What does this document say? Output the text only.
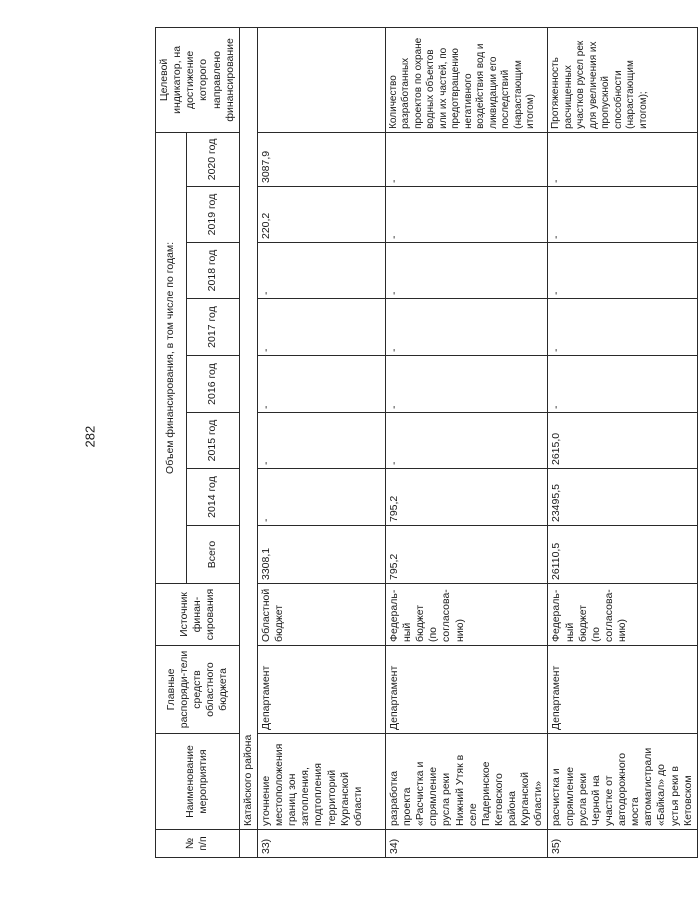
282
№ п/п	Наименование мероприятия	Главные распоряди-тели средств областного бюджета	Источник финан-сирования	Объем финансирования, в том числе по годам:								Целевой индикатор, на достижение которого направлено финансирование
				Всего	2014 год	2015 год	2016 год	2017 год	2018 год	2019 год	2020 год	
	Катайского района											
33)	уточнение местоположения границ зон затопления, подтопления территорий Курганской области	Департамент	Областной бюджет	3308,1	-	-	-	-	-	220,2	3087,9	
34)	разработка проекта «Расчистка и спрямление русла реки Нижний Утяк в селе Падеринское Кетовского района Курганской области»	Департамент	Федераль-ный бюджет (по согласова-нию)	795,2	795,2	-	-	-	-	-	-	Количество разработанных проектов по охране водных объектов или их частей, по предотвращению негативного воздействия вод и ликвидации его последствий (нарастающим итогом)
35)	расчистка и спрямление русла реки Черной на участке от автодорожного моста автомагистрали «Байкал» до устья реки в Кетовском	Департамент	Федераль-ный бюджет (по согласова-нию)	26110,5	23495,5	2615,0	-	-	-	-	-	Протяженность расчищенных участков русел рек для увеличения их пропускной способности (нарастающим итогом);
